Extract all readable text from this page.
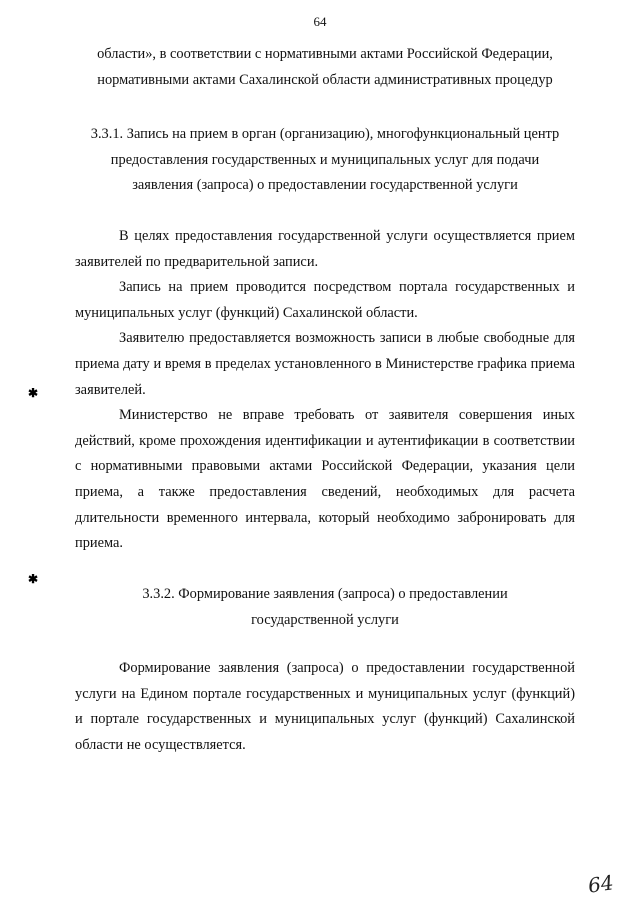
64
области», в соответствии с нормативными актами Российской Федерации,
нормативными актами Сахалинской области административных процедур
3.3.1. Запись на прием в орган (организацию), многофункциональный центр
предоставления государственных и муниципальных услуг для подачи
заявления (запроса) о предоставлении государственной услуги

В целях предоставления государственной услуги осуществляется прием заявителей по предварительной записи.

Запись на прием проводится посредством портала государственных и муниципальных услуг (функций) Сахалинской области.

Заявителю предоставляется возможность записи в любые свободные для приема дату и время в пределах установленного в Министерстве графика приема заявителей.

Министерство не вправе требовать от заявителя совершения иных действий, кроме прохождения идентификации и аутентификации в соответствии с нормативными правовыми актами Российской Федерации, указания цели приема, а также предоставления сведений, необходимых для расчета длительности временного интервала, который необходимо забронировать для приема.

✱
✱
3.3.2. Формирование заявления (запроса) о предоставлении
государственной услуги

Формирование заявления (запроса) о предоставлении государственной услуги на Едином портале государственных и муниципальных услуг (функций) и портале государственных и муниципальных услуг (функций) Сахалинской области не осуществляется.

64
